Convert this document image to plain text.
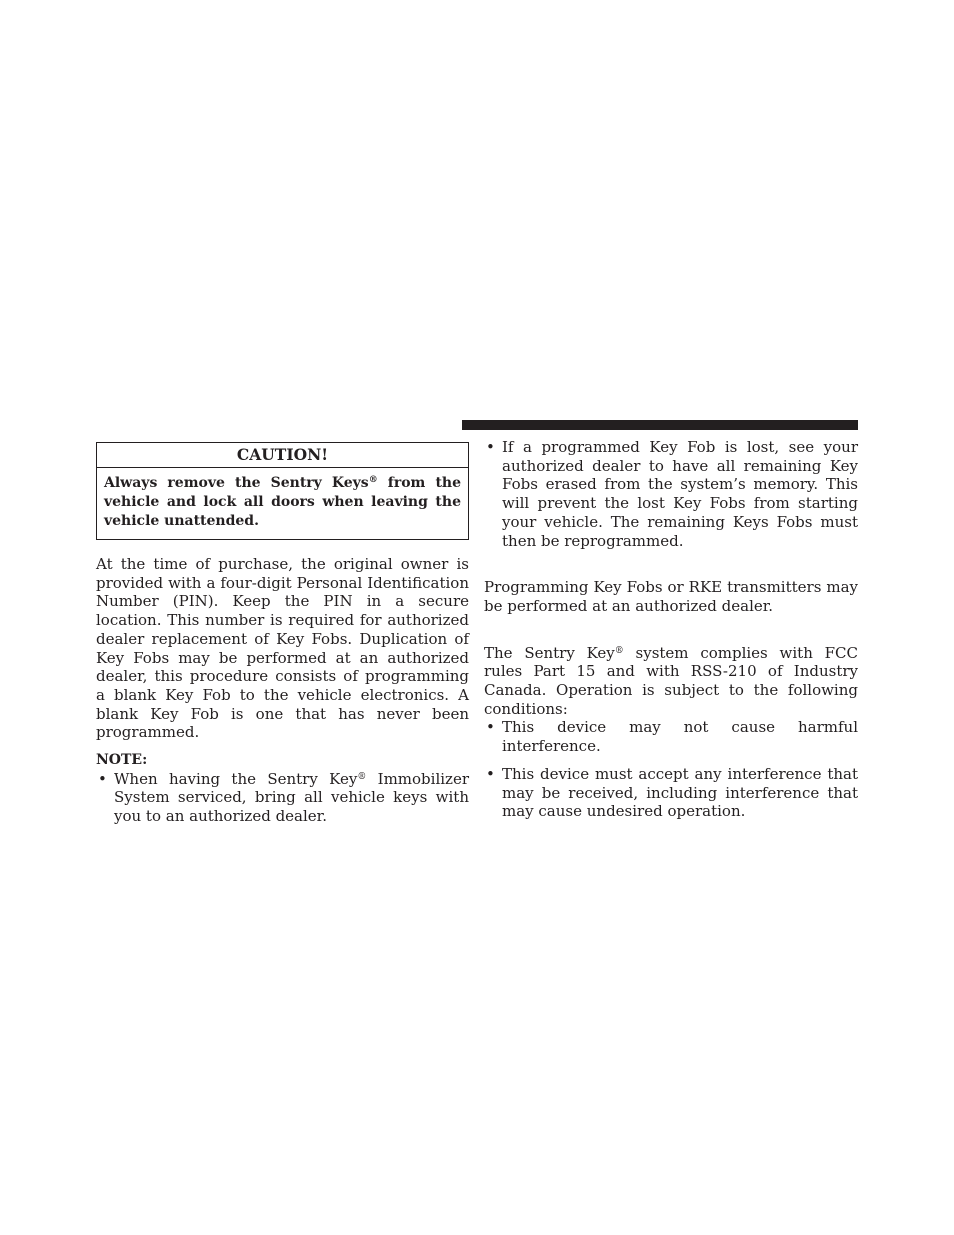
CAUTION!
Always remove the Sentry Keys® from the vehicle and lock all doors when leaving the vehicle unattended.

At the time of purchase, the original owner is provided with a four-digit Personal Identification Number (PIN). Keep the PIN in a secure location. This number is required for authorized dealer replacement of Key Fobs. Duplication of Key Fobs may be performed at an authorized dealer, this procedure consists of programming a blank Key Fob to the vehicle electronics. A blank Key Fob is one that has never been programmed.

NOTE:
• When having the Sentry Key® Immobilizer System serviced, bring all vehicle keys with you to an authorized dealer.
• If a programmed Key Fob is lost, see your authorized dealer to have all remaining Key Fobs erased from the system’s memory. This will prevent the lost Key Fobs from starting your vehicle. The remaining Keys Fobs must then be reprogrammed.

Programming Key Fobs or RKE transmitters may be performed at an authorized dealer.

The Sentry Key® system complies with FCC rules Part 15 and with RSS-210 of Industry Canada. Operation is subject to the following conditions:

• This device may not cause harmful interference.
• This device must accept any interference that may be received, including interference that may cause undesired operation.
